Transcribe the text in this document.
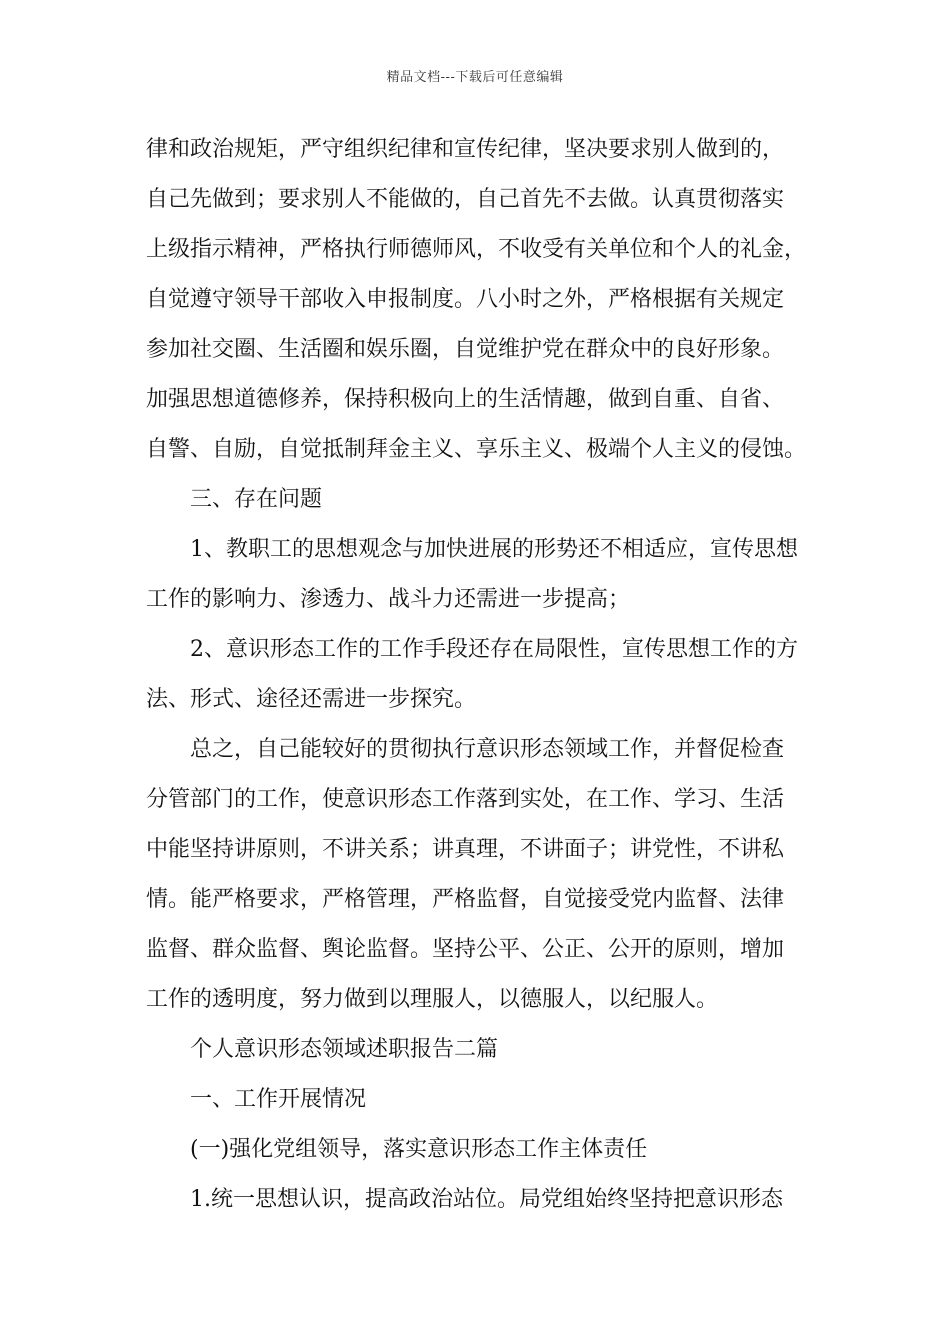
精品文档---下载后可任意编辑
律和政治规矩，严守组织纪律和宣传纪律，坚决要求别人做到的，
自己先做到；要求别人不能做的，自己首先不去做。认真贯彻落实
上级指示精神，严格执行师德师风，不收受有关单位和个人的礼金，
自觉遵守领导干部收入申报制度。八小时之外，严格根据有关规定
参加社交圈、生活圈和娱乐圈，自觉维护党在群众中的良好形象。
加强思想道德修养，保持积极向上的生活情趣，做到自重、自省、
自警、自励，自觉抵制拜金主义、享乐主义、极端个人主义的侵蚀。
三、存在问题
1、教职工的思想观念与加快进展的形势还不相适应，宣传思想
工作的影响力、渗透力、战斗力还需进一步提高；
2、意识形态工作的工作手段还存在局限性，宣传思想工作的方
法、形式、途径还需进一步探究。
总之，自己能较好的贯彻执行意识形态领域工作，并督促检查
分管部门的工作，使意识形态工作落到实处，在工作、学习、生活
中能坚持讲原则，不讲关系；讲真理，不讲面子；讲党性，不讲私
情。能严格要求，严格管理，严格监督，自觉接受党内监督、法律
监督、群众监督、舆论监督。坚持公平、公正、公开的原则，增加
工作的透明度，努力做到以理服人，以德服人，以纪服人。
个人意识形态领域述职报告二篇
一、工作开展情况
(一)强化党组领导，落实意识形态工作主体责任
1.统一思想认识，提高政治站位。局党组始终坚持把意识形态
